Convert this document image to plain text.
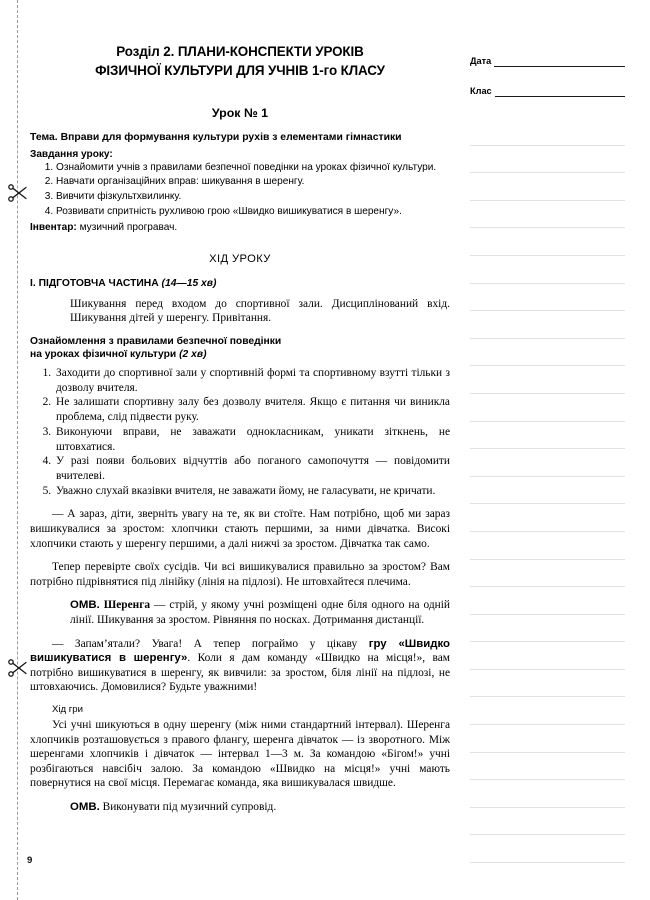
Розділ 2. ПЛАНИ-КОНСПЕКТИ УРОКІВ
ФІЗИЧНОЇ КУЛЬТУРИ ДЛЯ УЧНІВ 1-го КЛАСУ
Урок № 1

Тема. Вправи для формування культури рухів з елементами гімнастики

Завдання уроку:
1. Ознайомити учнів з правилами безпечної поведінки на уроках фізичної культури.
2. Навчати організаційних вправ: шикування в шеренгу.
3. Вивчити фізкультхвилинку.
4. Розвивати спритність рухливою грою «Швидко вишикуватися в шеренгу».

Інвентар: музичний програвач.

ХІД УРОКУ
І. ПІДГОТОВЧА ЧАСТИНА (14—15 хв)

Шикування перед входом до спортивної зали. Дисциплінований вхід. Шикування дітей у шеренгу. Привітання.

Ознайомлення з правилами безпечної поведінки
на уроках фізичної культури (2 хв)
1. Заходити до спортивної зали у спортивній формі та спортивному взутті тільки з дозволу вчителя.
2. Не залишати спортивну залу без дозволу вчителя. Якщо є питання чи виникла проблема, слід підвести руку.
3. Виконуючи вправи, не заважати однокласникам, уникати зіткнень, не штовхатися.
4. У разі появи больових відчуттів або поганого самопочуття — повідомити вчителеві.
5. Уважно слухай вказівки вчителя, не заважати йому, не галасувати, не кричати.

— А зараз, діти, зверніть увагу на те, як ви стоїте. Нам потрібно, щоб ми зараз вишикувалися за зростом: хлопчики стають першими, за ними дівчатка. Високі хлопчики стають у шеренгу першими, а далі нижчі за зростом. Дівчатка так само.

Тепер перевірте своїх сусідів. Чи всі вишикувалися правильно за зростом? Вам потрібно підрівнятися під лінійку (лінія на підлозі). Не штовхайтеся плечима.

ОМВ. Шеренга — стрій, у якому учні розміщені одне біля одного на одній лінії. Шикування за зростом. Рівняння по носках. Дотримання дистанції.

— Запам’ятали? Увага! А тепер пограймо у цікаву гру «Швидко вишикуватися в шеренгу». Коли я дам команду «Швидко на місця!», вам потрібно вишикуватися в шеренгу, як вивчили: за зростом, біля лінії на підлозі, не штовхаючись. Домовилися? Будьте уважними!

Хід гри

Усі учні шикуються в одну шеренгу (між ними стандартний інтервал). Шеренга хлопчиків розташовується з правого флангу, шеренга дівчаток — із зворотного. Між шеренгами хлопчиків і дівчаток — інтервал 1—3 м. За командою «Бігом!» учні розбігаються навсібіч залою. За командою «Швидко на місця!» учні мають повернутися на свої місця. Перемагає команда, яка вишикувалася швидше.

ОМВ. Виконувати під музичний супровід.

Дата
Клас
9
